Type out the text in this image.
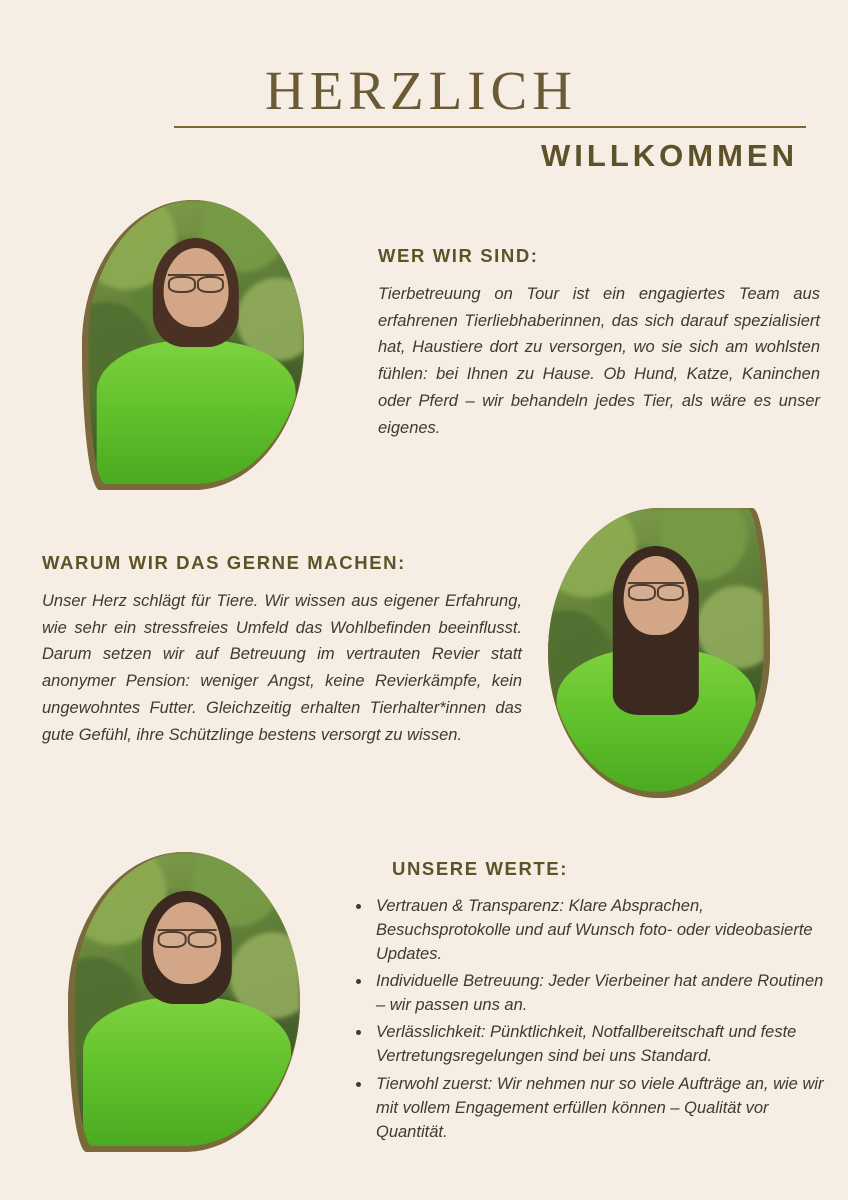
HERZLICH
WILLKOMMEN
WER WIR SIND:
Tierbetreuung on Tour ist ein engagiertes Team aus erfahrenen Tierliebhaberinnen, das sich darauf spezialisiert hat, Haustiere dort zu versorgen, wo sie sich am wohlsten fühlen: bei Ihnen zu Hause. Ob Hund, Katze, Kaninchen oder Pferd – wir behandeln jedes Tier, als wäre es unser eigenes.
WARUM WIR DAS GERNE MACHEN:
Unser Herz schlägt für Tiere. Wir wissen aus eigener Erfahrung, wie sehr ein stressfreies Umfeld das Wohlbefinden beeinflusst. Darum setzen wir auf Betreuung im vertrauten Revier statt anonymer Pension: weniger Angst, keine Revierkämpfe, kein ungewohntes Futter. Gleichzeitig erhalten Tierhalter*innen das gute Gefühl, ihre Schützlinge bestens versorgt zu wissen.
UNSERE WERTE:
• Vertrauen & Transparenz: Klare Absprachen, Besuchsprotokolle und auf Wunsch foto- oder videobasierte Updates.
• Individuelle Betreuung: Jeder Vierbeiner hat andere Routinen – wir passen uns an.
• Verlässlichkeit: Pünktlichkeit, Notfallbereitschaft und feste Vertretungsregelungen sind bei uns Standard.
• Tierwohl zuerst: Wir nehmen nur so viele Aufträge an, wie wir mit vollem Engagement erfüllen können – Qualität vor Quantität.
